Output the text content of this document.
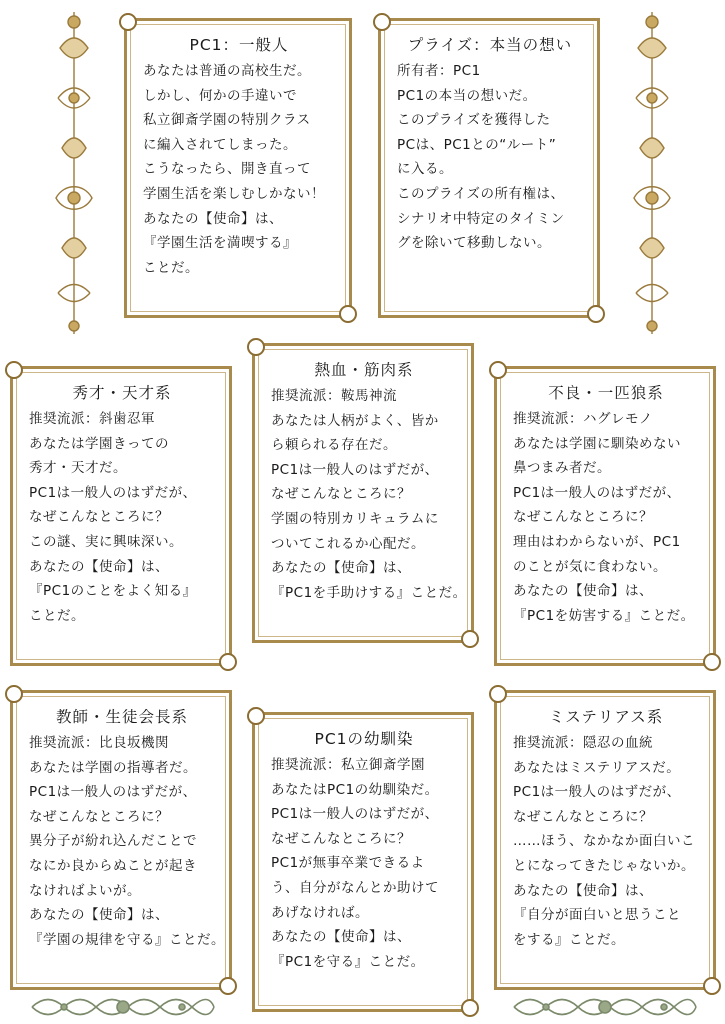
PC1：一般人
あなたは普通の高校生だ。
しかし、何かの手違いで
私立御斎学園の特別クラス
に編入されてしまった。
こうなったら、開き直って
学園生活を楽しむしかない！
あなたの【使命】は、
『学園生活を満喫する』
ことだ。
プライズ：本当の想い
所有者：PC1
PC1の本当の想いだ。
このプライズを獲得した
PCは、PC1との“ルート”
に入る。
このプライズの所有権は、
シナリオ中特定のタイミン
グを除いて移動しない。
秀才・天才系
推奨流派：斜歯忍軍
あなたは学園きっての
秀才・天才だ。
PC1は一般人のはずだが、
なぜこんなところに？
この謎、実に興味深い。
あなたの【使命】は、
『PC1のことをよく知る』
ことだ。
熱血・筋肉系
推奨流派：鞍馬神流
あなたは人柄がよく、皆か
ら頼られる存在だ。
PC1は一般人のはずだが、
なぜこんなところに？
学園の特別カリキュラムに
ついてこれるか心配だ。
あなたの【使命】は、
『PC1を手助けする』ことだ。
不良・一匹狼系
推奨流派：ハグレモノ
あなたは学園に馴染めない
鼻つまみ者だ。
PC1は一般人のはずだが、
なぜこんなところに？
理由はわからないが、PC1
のことが気に食わない。
あなたの【使命】は、
『PC1を妨害する』ことだ。
教師・生徒会長系
推奨流派：比良坂機関
あなたは学園の指導者だ。
PC1は一般人のはずだが、
なぜこんなところに？
異分子が紛れ込んだことで
なにか良からぬことが起き
なければよいが。
あなたの【使命】は、
『学園の規律を守る』ことだ。
PC1の幼馴染
推奨流派：私立御斎学園
あなたはPC1の幼馴染だ。
PC1は一般人のはずだが、
なぜこんなところに？
PC1が無事卒業できるよ
う、自分がなんとか助けて
あげなければ。
あなたの【使命】は、
『PC1を守る』ことだ。
ミステリアス系
推奨流派：隠忍の血統
あなたはミステリアスだ。
PC1は一般人のはずだが、
なぜこんなところに？
……ほう、なかなか面白いこ
とになってきたじゃないか。
あなたの【使命】は、
『自分が面白いと思うこと
をする』ことだ。
